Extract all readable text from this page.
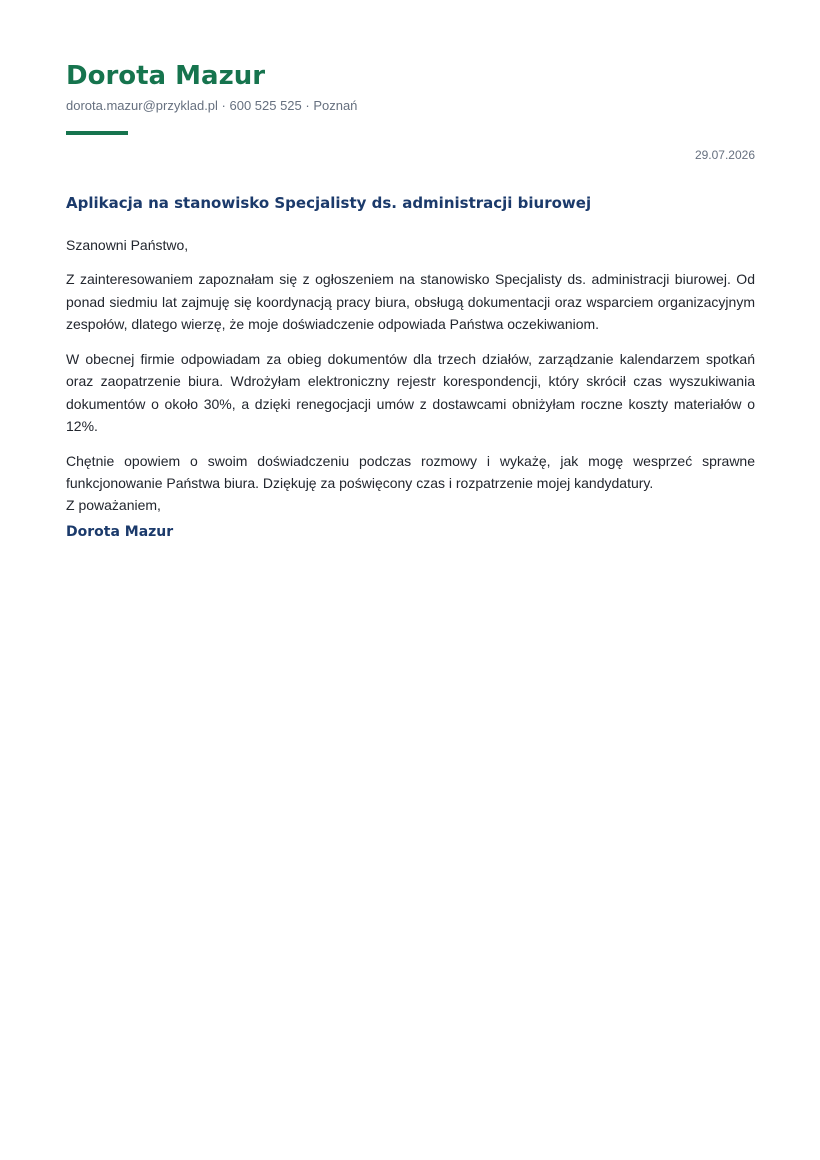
Dorota Mazur
dorota.mazur@przyklad.pl · 600 525 525 · Poznań
29.07.2026
Aplikacja na stanowisko Specjalisty ds. administracji biurowej
Szanowni Państwo,

Z zainteresowaniem zapoznałam się z ogłoszeniem na stanowisko Specjalisty ds. administracji biurowej. Od ponad siedmiu lat zajmuję się koordynacją pracy biura, obsługą dokumentacji oraz wsparciem organizacyjnym zespołów, dlatego wierzę, że moje doświadczenie odpowiada Państwa oczekiwaniom.

W obecnej firmie odpowiadam za obieg dokumentów dla trzech działów, zarządzanie kalendarzem spotkań oraz zaopatrzenie biura. Wdrożyłam elektroniczny rejestr korespondencji, który skrócił czas wyszukiwania dokumentów o około 30%, a dzięki renegocjacji umów z dostawcami obniżyłam roczne koszty materiałów o 12%.

Chętnie opowiem o swoim doświadczeniu podczas rozmowy i wykażę, jak mogę wesprzeć sprawne funkcjonowanie Państwa biura. Dziękuję za poświęcony czas i rozpatrzenie mojej kandydatury.

Z poważaniem,
Dorota Mazur
